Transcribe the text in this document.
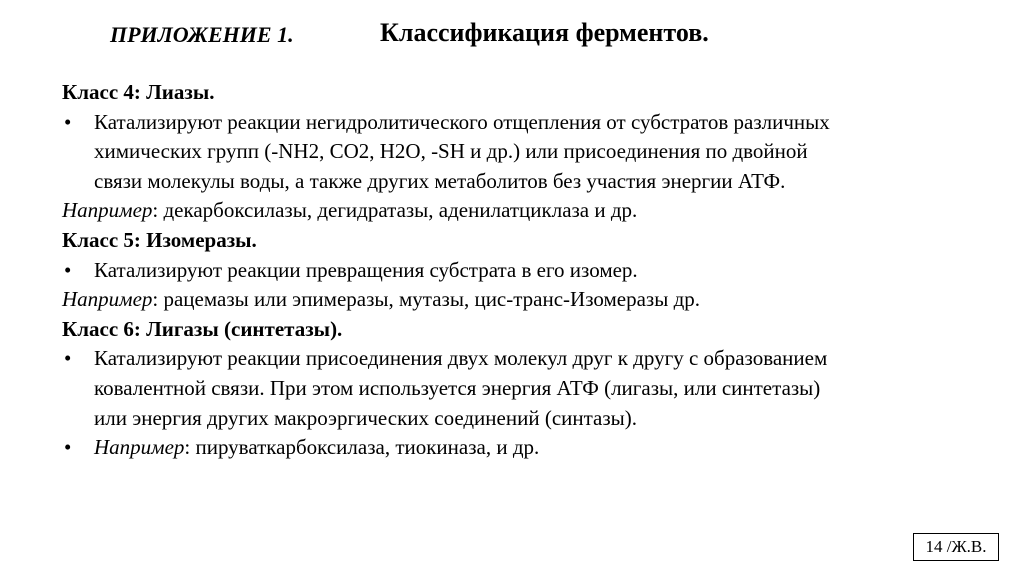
ПРИЛОЖЕНИЕ 1.	Классификация ферментов.
Класс 4: Лиазы.
•
Катализируют реакции негидролитического отщепления от субстратов различных
химических групп (-NH2, CO2, H2O, -SH и др.) или присоединения по двойной
связи молекулы воды, а также других метаболитов без участия энергии АТФ.
Например: декарбоксилазы, дегидратазы, аденилатциклаза и др.
Класс 5: Изомеразы.
•
Катализируют реакции превращения субстрата в его изомер.
Например: рацемазы или эпимеразы, мутазы, цис-транс-Изомеразы др.
Класс 6: Лигазы (синтетазы).
•
Катализируют реакции присоединения двух молекул друг к другу с образованием
ковалентной связи. При этом используется энергия АТФ (лигазы, или синтетазы)
или энергия других макроэргических соединений (синтазы).
•
Например: пируваткарбоксилаза, тиокиназа, и др.
14 /Ж.В.
